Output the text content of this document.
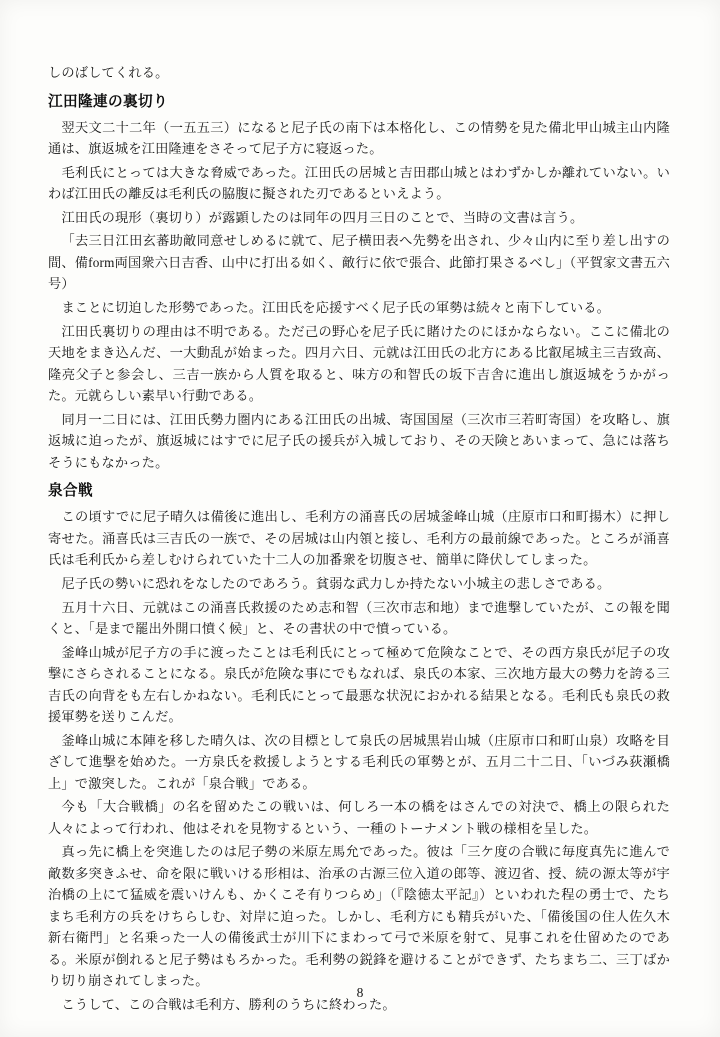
しのばしてくれる。

江田隆連の裏切り

翌天文二十二年（一五五三）になると尼子氏の南下は本格化し、この情勢を見た備北甲山城主山内隆通は、旗返城を江田隆連をさそって尼子方に寝返った。

毛利氏にとっては大きな脅威であった。江田氏の居城と吉田郡山城とはわずかしか離れていない。いわば江田氏の離反は毛利氏の脇腹に擬された刃であるといえよう。

江田氏の現形（裏切り）が露顕したのは同年の四月三日のことで、当時の文書は言う。

「去三日江田玄蕃助敵同意せしめるに就て、尼子横田表へ先勢を出され、少々山内に至り差し出すの間、備form両国衆六日吉香、山中に打出る如く、敵行に依で張合、此節打果さるべし」（平賀家文書五六号）

まことに切迫した形勢であった。江田氏を応援すべく尼子氏の軍勢は続々と南下している。

江田氏裏切りの理由は不明である。ただ己の野心を尼子氏に賭けたのにほかならない。ここに備北の天地をまき込んだ、一大動乱が始まった。四月六日、元就は江田氏の北方にある比叡尾城主三吉致高、隆亮父子と参会し、三吉一族から人質を取ると、味方の和智氏の坂下吉舎に進出し旗返城をうかがった。元就らしい素早い行動である。

同月一二日には、江田氏勢力圏内にある江田氏の出城、寄国国屋（三次市三若町寄国）を攻略し、旗返城に迫ったが、旗返城にはすでに尼子氏の援兵が入城しており、その天険とあいまって、急には落ちそうにもなかった。

泉合戦

この頃すでに尼子晴久は備後に進出し、毛利方の涌喜氏の居城釜峰山城（庄原市口和町揚木）に押し寄せた。涌喜氏は三吉氏の一族で、その居城は山内領と接し、毛利方の最前線であった。ところが涌喜氏は毛利氏から差しむけられていた十二人の加番衆を切腹させ、簡単に降伏してしまった。

尼子氏の勢いに恐れをなしたのであろう。貧弱な武力しか持たない小城主の悲しさである。

五月十六日、元就はこの涌喜氏救援のため志和智（三次市志和地）まで進撃していたが、この報を聞くと、「是まで罷出外開口憤く候」と、その書状の中で憤っている。

釜峰山城が尼子方の手に渡ったことは毛利氏にとって極めて危険なことで、その西方泉氏が尼子の攻撃にさらされることになる。泉氏が危険な事にでもなれば、泉氏の本家、三次地方最大の勢力を誇る三吉氏の向背をも左右しかねない。毛利氏にとって最悪な状況におかれる結果となる。毛利氏も泉氏の救援軍勢を送りこんだ。

釜峰山城に本陣を移した晴久は、次の目標として泉氏の居城黒岩山城（庄原市口和町山泉）攻略を目ざして進撃を始めた。一方泉氏を救援しようとする毛利氏の軍勢とが、五月二十二日、「いづみ荻瀬橋上」で激突した。これが「泉合戦」である。

今も「大合戦橋」の名を留めたこの戦いは、何しろ一本の橋をはさんでの対決で、橋上の限られた人々によって行われ、他はそれを見物するという、一種のトーナメント戦の様相を呈した。

真っ先に橋上を突進したのは尼子勢の米原左馬允であった。彼は「三ケ度の合戦に毎度真先に進んで敵数多突きふせ、命を限に戦いける形相は、治承の古源三位入道の郎等、渡辺省、授、続の源太等が宇治橋の上にて猛威を震いけんも、かくこそ有りつらめ」（『陰徳太平記』）といわれた程の勇士で、たちまち毛利方の兵をけちらしむ、対岸に迫った。しかし、毛利方にも精兵がいた、「備後国の住人佐久木新右衛門」と名乗った一人の備後武士が川下にまわって弓で米原を射て、見事これを仕留めたのである。米原が倒れると尼子勢はもろかった。毛利勢の鋭鋒を避けることができず、たちまち二、三丁ばかり切り崩されてしまった。

こうして、この合戦は毛利方、勝利のうちに終わった。

8
